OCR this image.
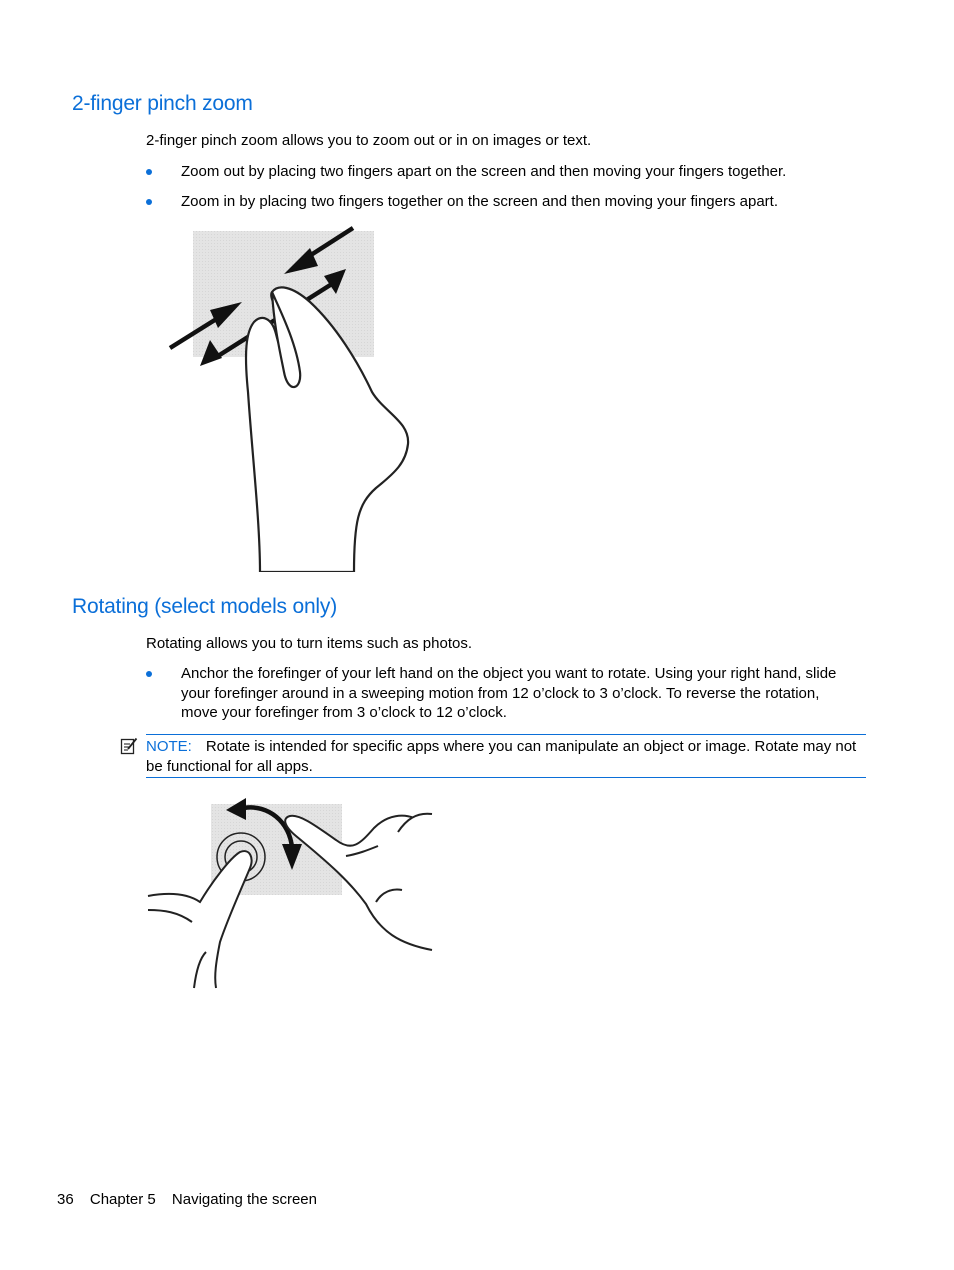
2-finger pinch zoom

2-finger pinch zoom allows you to zoom out or in on images or text.

Zoom out by placing two fingers apart on the screen and then moving your fingers together.

Zoom in by placing two fingers together on the screen and then moving your fingers apart.

Rotating (select models only)

Rotating allows you to turn items such as photos.

Anchor the forefinger of your left hand on the object you want to rotate. Using your right hand, slide your forefinger around in a sweeping motion from 12 o’clock to 3 o’clock. To reverse the rotation, move your forefinger from 3 o’clock to 12 o’clock.

NOTE: Rotate is intended for specific apps where you can manipulate an object or image. Rotate may not be functional for all apps.

36 Chapter 5 Navigating the screen
